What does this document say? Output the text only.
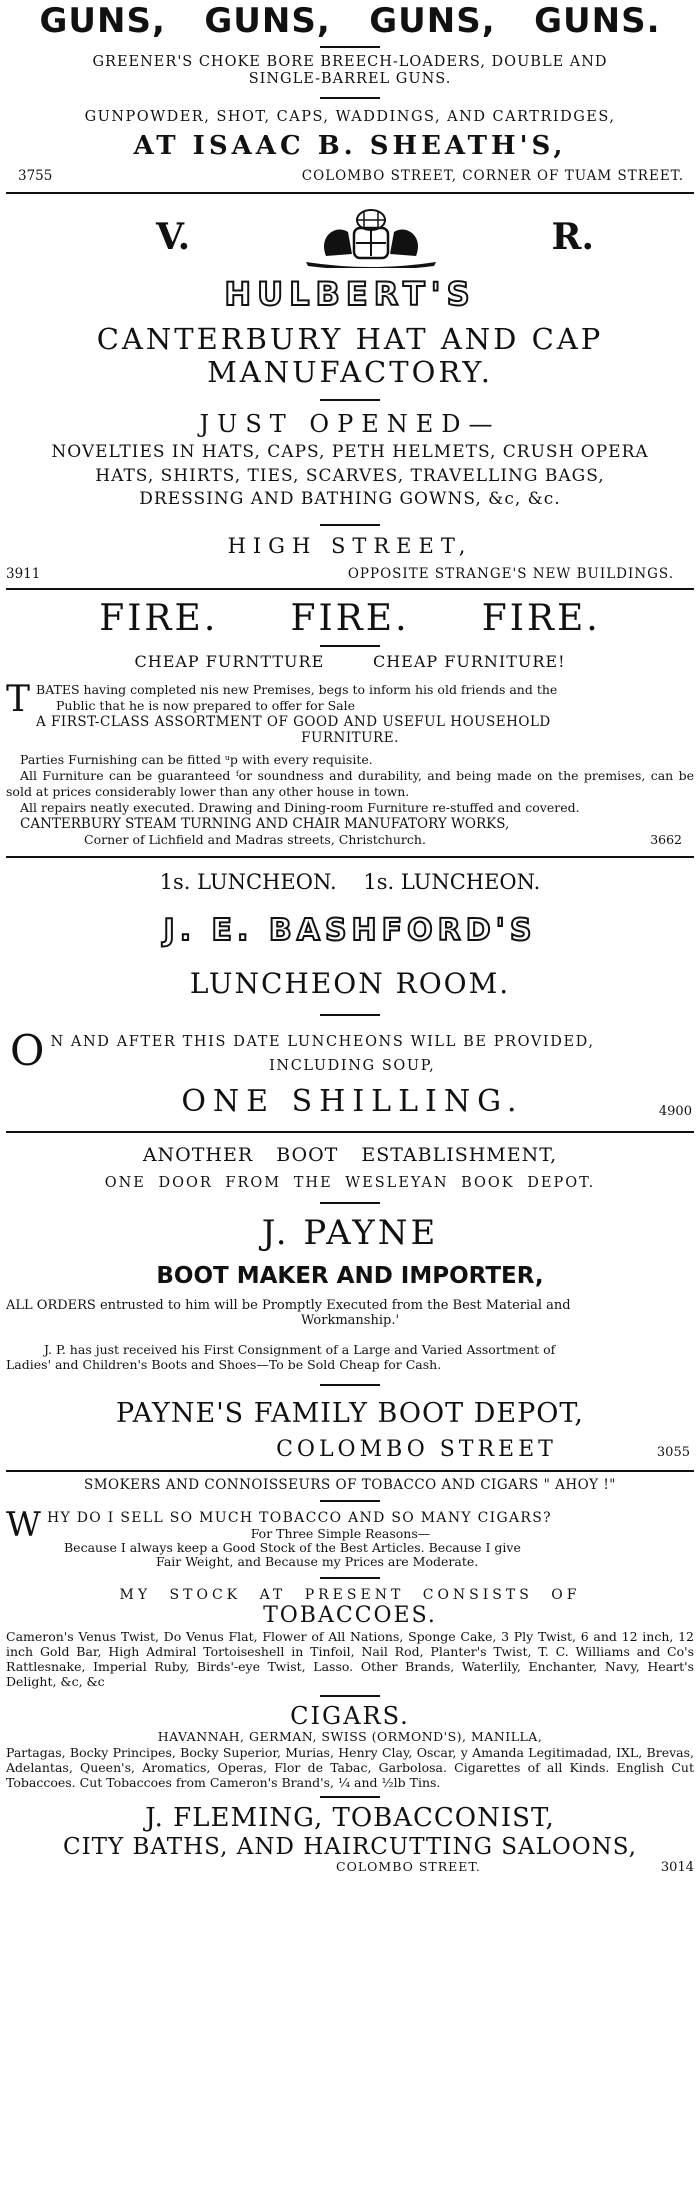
GUNS,   GUNS,   GUNS,   GUNS.

GREENER'S CHOKE BORE BREECH-LOADERS, DOUBLE AND

SINGLE-BARREL GUNS.

GUNPOWDER, SHOT, CAPS, WADDINGS, AND CARTRIDGES,

AT ISAAC B. SHEATH'S,

3755	COLOMBO STREET, CORNER OF TUAM STREET.
V.	R.

HULBERT'S

CANTERBURY HAT AND CAP

MANUFACTORY.

JUST OPENED—

NOVELTIES IN HATS, CAPS, PETH HELMETS, CRUSH OPERA

HATS, SHIRTS, TIES, SCARVES, TRAVELLING BAGS,

DRESSING AND BATHING GOWNS, &c, &c.

HIGH STREET,

3911	OPPOSITE STRANGE'S NEW BUILDINGS.

FIRE.     FIRE.     FIRE.

CHEAP FURNTTURE        CHEAP FURNITURE!

T BATES having completed nis new Premises, begs to inform his old friends and the

Public that he is now prepared to offer for Sale

A FIRST-CLASS ASSORTMENT OF GOOD AND USEFUL HOUSEHOLD

FURNITURE.

Parties Furnishing can be fitted ᵘp with every requisite.

All Furniture can be guaranteed ᶠor soundness and durability, and being made on the premises, can be sold at prices considerably lower than any other house in town.

All repairs neatly executed. Drawing and Dining-room Furniture re-stuffed and covered.

CANTERBURY STEAM TURNING AND CHAIR MANUFATORY WORKS,

Corner of Lichfield and Madras streets, Christchurch.	3662

1s. LUNCHEON.    1s. LUNCHEON.

J. E. BASHFORD'S

LUNCHEON ROOM.

O N AND AFTER THIS DATE LUNCHEONS WILL BE PROVIDED,

INCLUDING SOUP,

ONE SHILLING.	4900

ANOTHER BOOT ESTABLISHMENT,

ONE DOOR FROM THE WESLEYAN BOOK DEPOT.

J. PAYNE

BOOT MAKER AND IMPORTER,

ALL ORDERS entrusted to him will be Promptly Executed from the Best Material and

Workmanship.'

J. P. has just received his First Consignment of a Large and Varied Assortment of

Ladies' and Children's Boots and Shoes—To be Sold Cheap for Cash.

PAYNE'S FAMILY BOOT DEPOT,

COLOMBO STREET	3055

SMOKERS AND CONNOISSEURS OF TOBACCO AND CIGARS " AHOY !"

W HY DO I SELL SO MUCH TOBACCO AND SO MANY CIGARS?

For Three Simple Reasons—

Because I always keep a Good Stock of the Best Articles. Because I give

Fair Weight, and Because my Prices are Moderate.

MY STOCK AT PRESENT CONSISTS OF

TOBACCOES.

Cameron's Venus Twist, Do Venus Flat, Flower of All Nations, Sponge Cake, 3 Ply Twist, 6 and 12 inch, 12 inch Gold Bar, High Admiral Tortoiseshell in Tinfoil, Nail Rod, Planter's Twist, T. C. Williams and Co's Rattlesnake, Imperial Ruby, Birds'-eye Twist, Lasso. Other Brands, Waterlily, Enchanter, Navy, Heart's Delight, &c, &c

CIGARS.

HAVANNAH, GERMAN, SWISS (ORMOND'S), MANILLA,

Partagas, Bocky Principes, Bocky Superior, Murias, Henry Clay, Oscar, y Amanda Legitimadad, IXL, Brevas, Adelantas, Queen's, Aromatics, Operas, Flor de Tabac, Garbolosa. Cigarettes of all Kinds. English Cut Tobaccoes. Cut Tobaccoes from Cameron's Brand's, ¼ and ½lb Tins.

J. FLEMING, TOBACCONIST,

CITY BATHS, AND HAIRCUTTING SALOONS,

COLOMBO STREET.	3014
